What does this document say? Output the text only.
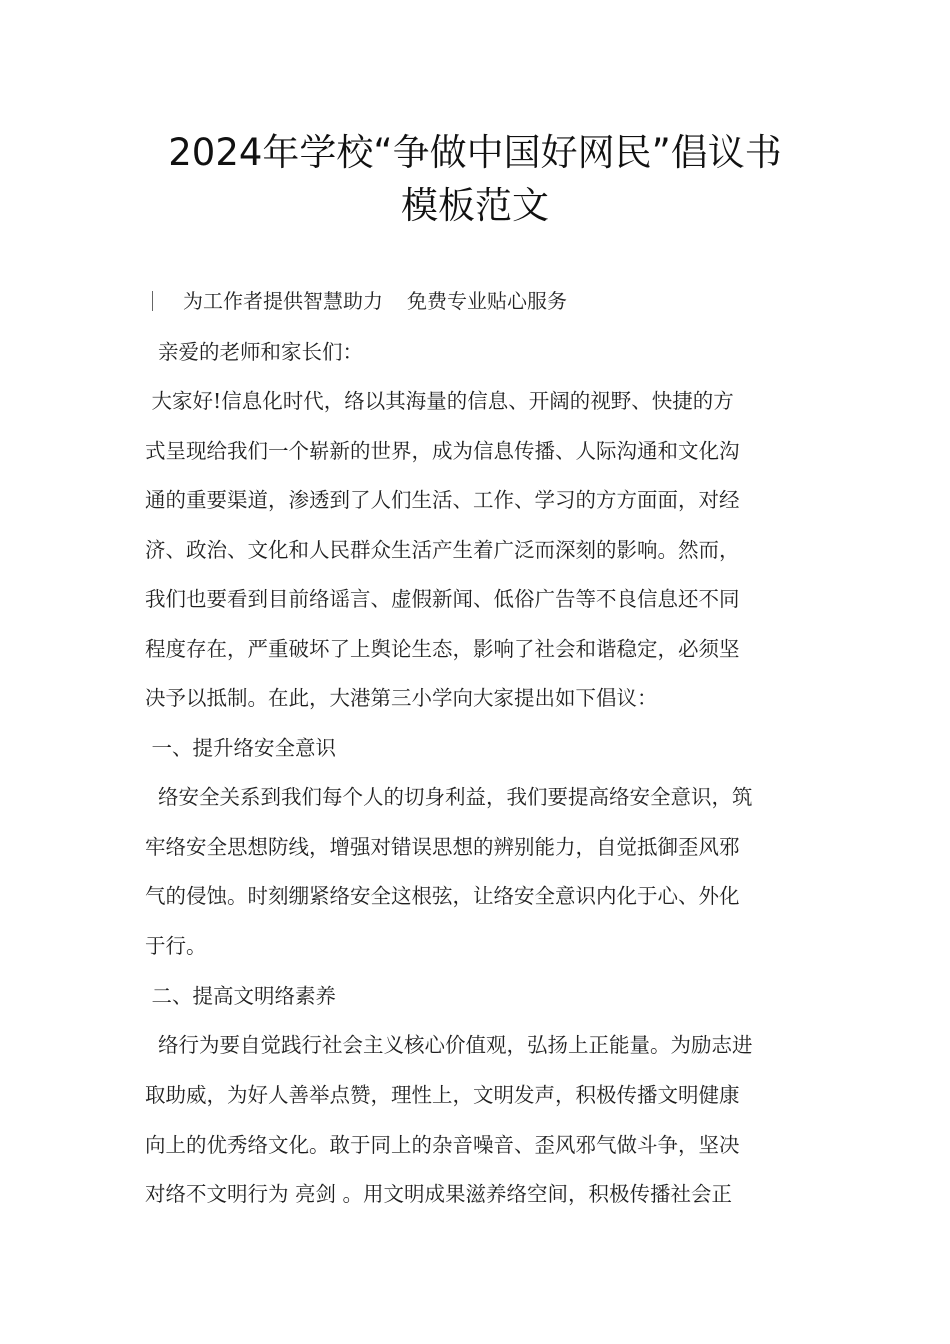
2024年学校“争做中国好网民”倡议书
模板范文
为工作者提供智慧助力 免费专业贴心服务
亲爱的老师和家长们：
大家好!信息化时代，络以其海量的信息、开阔的视野、快捷的方
式呈现给我们一个崭新的世界，成为信息传播、人际沟通和文化沟
通的重要渠道，渗透到了人们生活、工作、学习的方方面面，对经
济、政治、文化和人民群众生活产生着广泛而深刻的影响。然而，
我们也要看到目前络谣言、虚假新闻、低俗广告等不良信息还不同
程度存在，严重破坏了上舆论生态，影响了社会和谐稳定，必须坚
决予以抵制。在此，大港第三小学向大家提出如下倡议：
一、提升络安全意识
络安全关系到我们每个人的切身利益，我们要提高络安全意识，筑
牢络安全思想防线，增强对错误思想的辨别能力，自觉抵御歪风邪
气的侵蚀。时刻绷紧络安全这根弦，让络安全意识内化于心、外化
于行。
二、提高文明络素养
络行为要自觉践行社会主义核心价值观，弘扬上正能量。为励志进
取助威，为好人善举点赞，理性上，文明发声，积极传播文明健康
向上的优秀络文化。敢于同上的杂音噪音、歪风邪气做斗争，坚决
对络不文明行为 亮剑 。用文明成果滋养络空间，积极传播社会正
